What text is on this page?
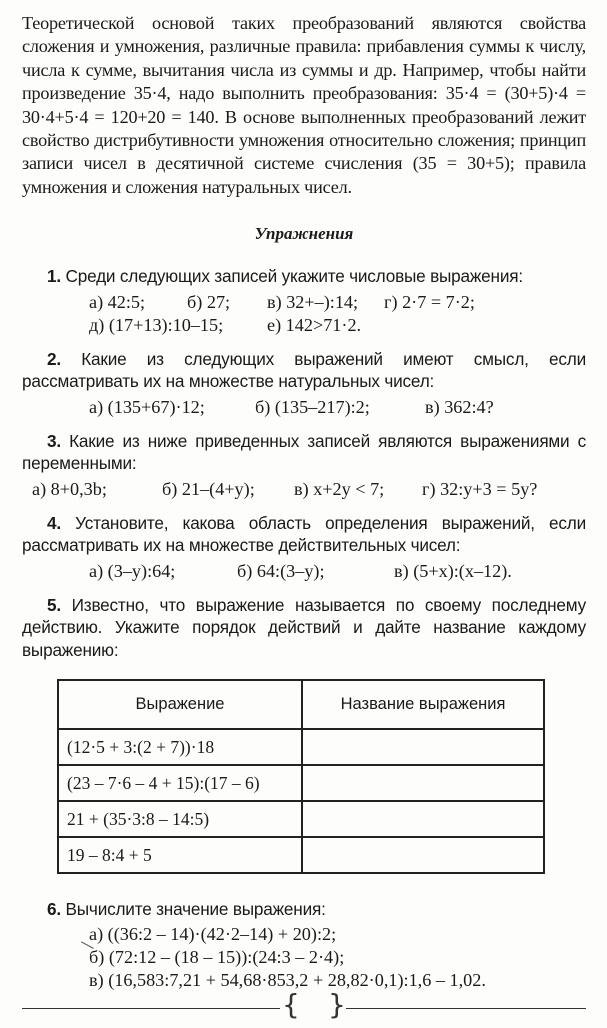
Теоретической основой таких преобразований являются свойства сложения и умножения, различные правила: прибавления суммы к числу, числа к сумме, вычитания числа из суммы и др. Например, чтобы найти произведение 35·4, надо выполнить преобразования: 35·4 = (30+5)·4 = 30·4+5·4 = 120+20 = 140. В основе выполненных преобразований лежит свойство дистрибутивности умножения относительно сложения; принцип записи чисел в десятичной системе счисления (35 = 30+5); правила умножения и сложения натуральных чисел.

Упражнения

1. Среди следующих записей укажите числовые выражения:

а) 42:5; б) 27; в) 32+–):14; г) 2·7 = 7·2;
д) (17+13):10–15; е) 142>71·2.

2. Какие из следующих выражений имеют смысл, если рассматривать их на множестве натуральных чисел:

а) (135+67)·12;	б) (135–217):2;	в) 362:4?

3. Какие из ниже приведенных записей являются выражениями с переменными:

а) 8+0,3b;	б) 21–(4+y); в) x+2y < 7; г) 32:y+3 = 5y?

4. Установите, какова область определения выражений, если рассматривать их на множестве действительных чисел:

а) (3–y):64;	б) 64:(3–y);	в) (5+x):(x–12).

5. Известно, что выражение называется по своему последнему действию. Укажите порядок действий и дайте название каждому выражению:

Выражение	Название выражения
(12·5 + 3:(2 + 7))·18	
(23 – 7·6 – 4 + 15):(17 – 6)	
21 + (35·3:8 – 14:5)	
19 – 8:4 + 5	

6. Вычислите значение выражения:

а) ((36:2 – 14)·(42·2–14) + 20):2;
б) (72:12 – (18 – 15)):(24:3 – 2·4);
в) (16,583:7,21 + 54,68·853,2 + 28,82·0,1):1,6 – 1,02.
{ }
